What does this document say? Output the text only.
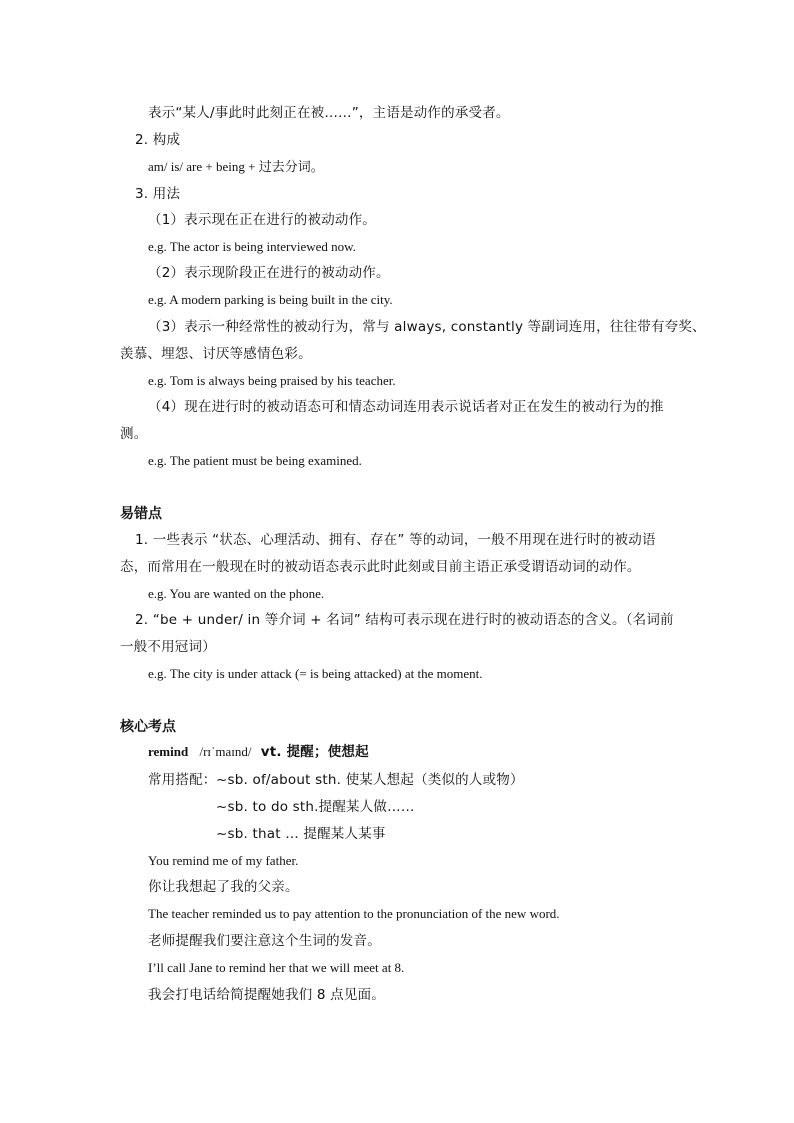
表示“某人/事此时此刻正在被……”，主语是动作的承受者。
2. 构成
am/ is/ are + being + 过去分词。
3. 用法
（1）表示现在正在进行的被动动作。
e.g. The actor is being interviewed now.
（2）表示现阶段正在进行的被动动作。
e.g. A modern parking is being built in the city.
（3）表示一种经常性的被动行为，常与 always, constantly 等副词连用，往往带有夸奖、
羡慕、埋怨、讨厌等感情色彩。
e.g. Tom is always being praised by his teacher.
（4）现在进行时的被动语态可和情态动词连用表示说话者对正在发生的被动行为的推
测。
e.g. The patient must be being examined.
易错点
1. 一些表示 “状态、心理活动、拥有、存在” 等的动词，一般不用现在进行时的被动语
态，而常用在一般现在时的被动语态表示此时此刻或目前主语正承受谓语动词的动作。
e.g. You are wanted on the phone.
2. “be + under/ in 等介词 + 名词” 结构可表示现在进行时的被动语态的含义。（名词前
一般不用冠词）
e.g. The city is under attack (= is being attacked) at the moment.
核心考点
remind /rɪˈmaɪnd/ vt. 提醒；使想起
常用搭配： ~sb. of/about sth. 使某人想起（类似的人或物）
~sb. to do sth.提醒某人做……
~sb. that … 提醒某人某事
You remind me of my father.
你让我想起了我的父亲。
The teacher reminded us to pay attention to the pronunciation of the new word.
老师提醒我们要注意这个生词的发音。
I’ll call Jane to remind her that we will meet at 8.
我会打电话给简提醒她我们 8 点见面。
